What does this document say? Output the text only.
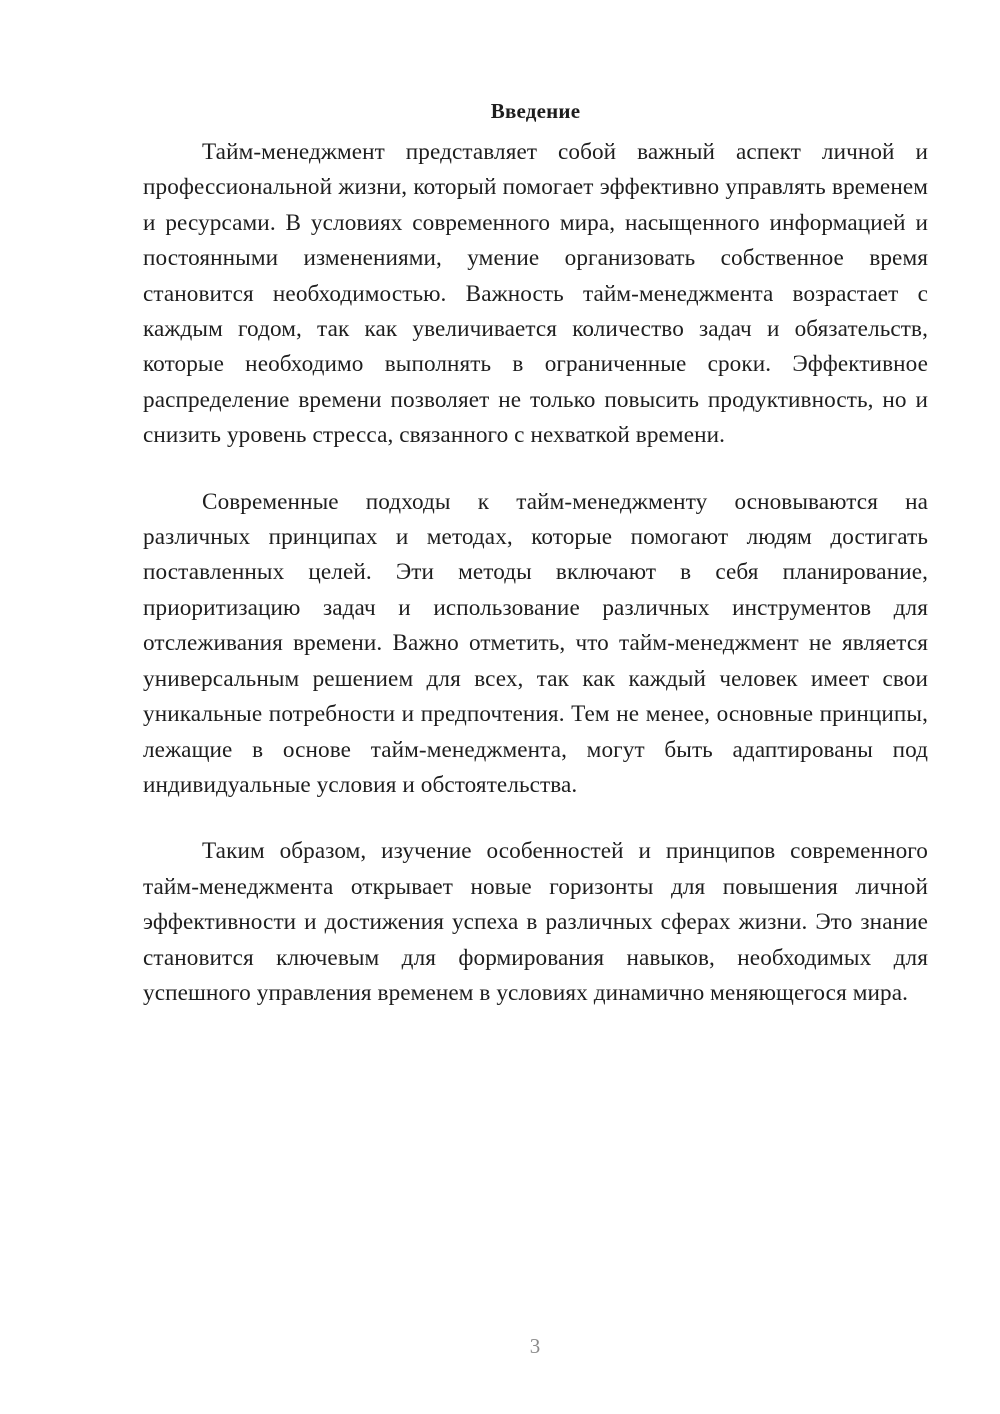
Введение

Тайм-менеджмент представляет собой важный аспект личной и профессиональной жизни, который помогает эффективно управлять временем и ресурсами. В условиях современного мира, насыщенного информацией и постоянными изменениями, умение организовать собственное время становится необходимостью. Важность тайм-менеджмента возрастает с каждым годом, так как увеличивается количество задач и обязательств, которые необходимо выполнять в ограниченные сроки. Эффективное распределение времени позволяет не только повысить продуктивность, но и снизить уровень стресса, связанного с нехваткой времени.

Современные подходы к тайм-менеджменту основываются на различных принципах и методах, которые помогают людям достигать поставленных целей. Эти методы включают в себя планирование, приоритизацию задач и использование различных инструментов для отслеживания времени. Важно отметить, что тайм-менеджмент не является универсальным решением для всех, так как каждый человек имеет свои уникальные потребности и предпочтения. Тем не менее, основные принципы, лежащие в основе тайм-менеджмента, могут быть адаптированы под индивидуальные условия и обстоятельства.

Таким образом, изучение особенностей и принципов современного тайм-менеджмента открывает новые горизонты для повышения личной эффективности и достижения успеха в различных сферах жизни. Это знание становится ключевым для формирования навыков, необходимых для успешного управления временем в условиях динамично меняющегося мира.

3
